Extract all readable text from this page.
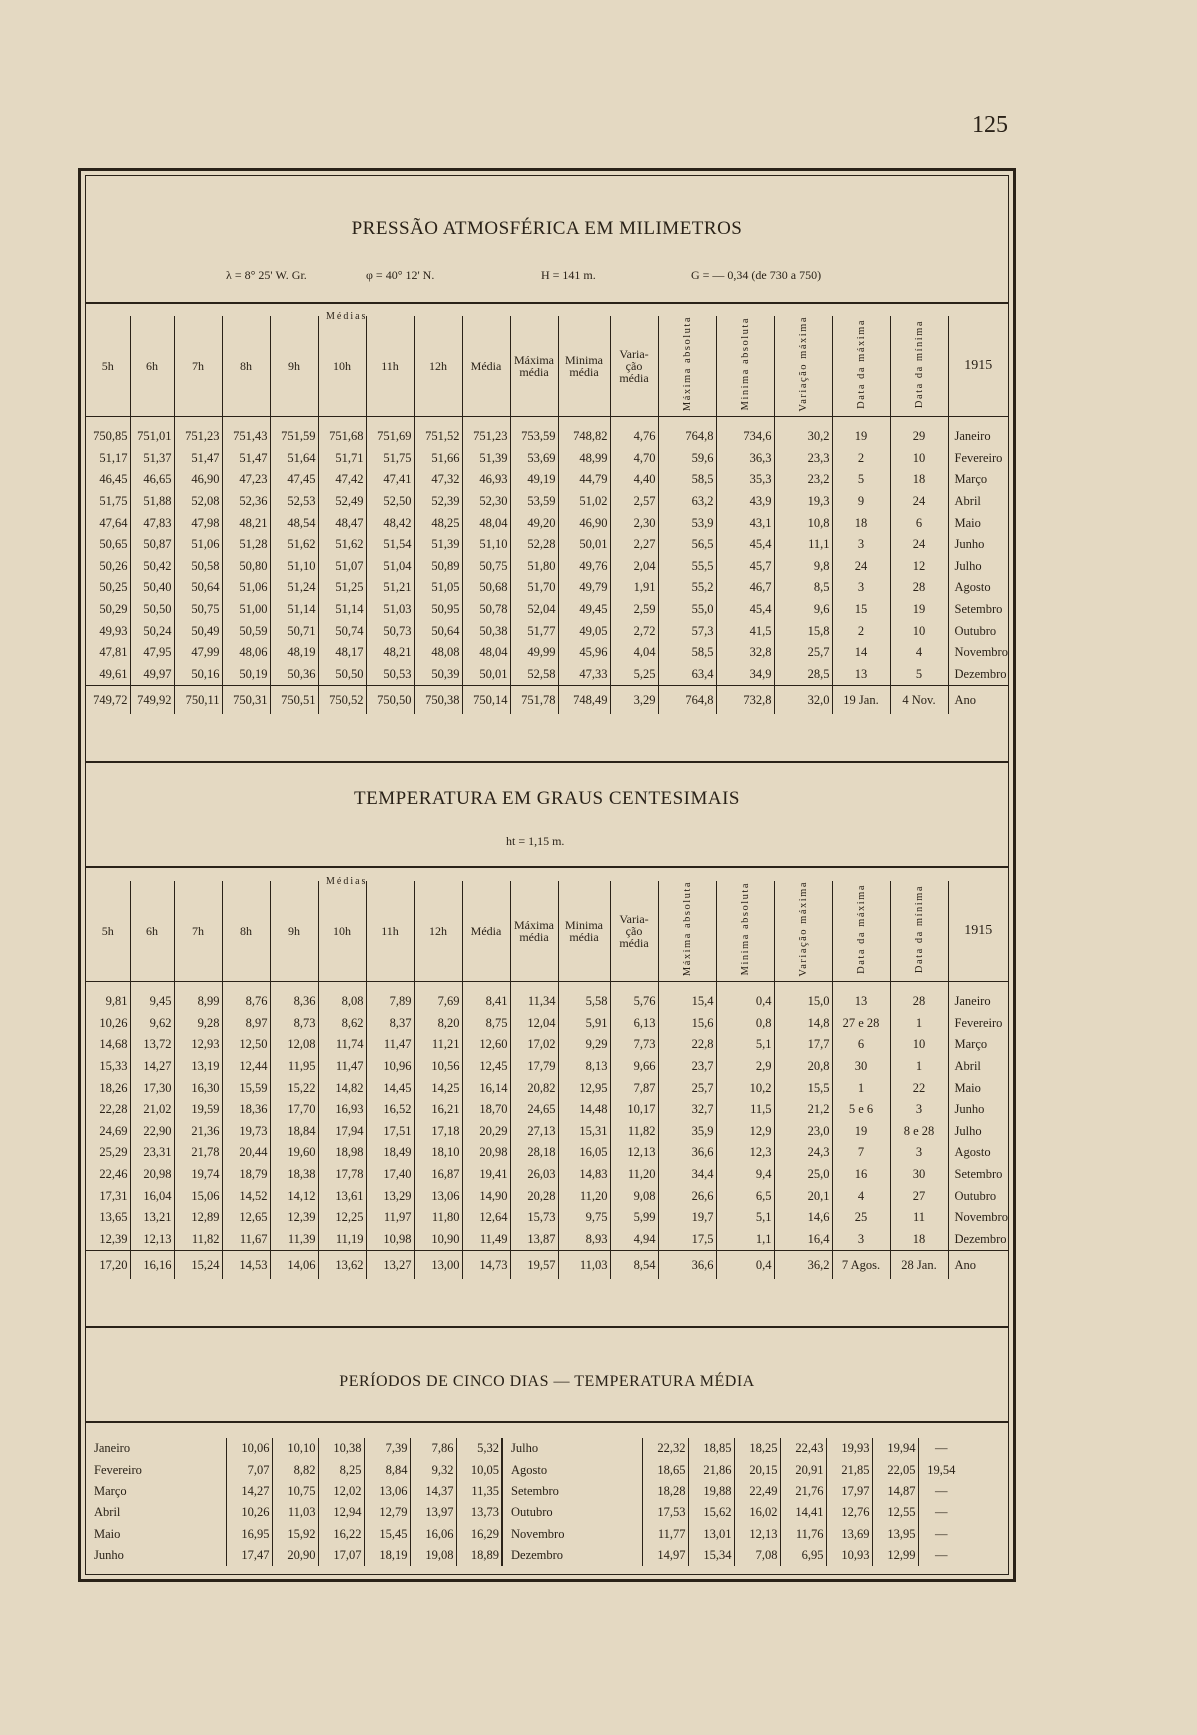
125
PRESSÃO ATMOSFÉRICA EM MILIMETROS
λ = 8° 25' W. Gr.	φ = 40° 12' N.	H = 141 m.	G = — 0,34 (de 730 a 750)
Médias
5h	6h	7h	8h	9h	10h	11h	12h	Média	Máxima média	Minima média	Varia-ção média	Máxima absoluta	Minima absoluta	Variação máxima	Data da máxima	Data da mínima	1915

750,85	751,01	751,23	751,43	751,59	751,68	751,69	751,52	751,23	753,59	748,82	4,76	764,8	734,6	30,2	19	29	Janeiro
51,17	51,37	51,47	51,47	51,64	51,71	51,75	51,66	51,39	53,69	48,99	4,70	59,6	36,3	23,3	2	10	Fevereiro
46,45	46,65	46,90	47,23	47,45	47,42	47,41	47,32	46,93	49,19	44,79	4,40	58,5	35,3	23,2	5	18	Março
51,75	51,88	52,08	52,36	52,53	52,49	52,50	52,39	52,30	53,59	51,02	2,57	63,2	43,9	19,3	9	24	Abril
47,64	47,83	47,98	48,21	48,54	48,47	48,42	48,25	48,04	49,20	46,90	2,30	53,9	43,1	10,8	18	6	Maio
50,65	50,87	51,06	51,28	51,62	51,62	51,54	51,39	51,10	52,28	50,01	2,27	56,5	45,4	11,1	3	24	Junho
50,26	50,42	50,58	50,80	51,10	51,07	51,04	50,89	50,75	51,80	49,76	2,04	55,5	45,7	9,8	24	12	Julho
50,25	50,40	50,64	51,06	51,24	51,25	51,21	51,05	50,68	51,70	49,79	1,91	55,2	46,7	8,5	3	28	Agosto
50,29	50,50	50,75	51,00	51,14	51,14	51,03	50,95	50,78	52,04	49,45	2,59	55,0	45,4	9,6	15	19	Setembro
49,93	50,24	50,49	50,59	50,71	50,74	50,73	50,64	50,38	51,77	49,05	2,72	57,3	41,5	15,8	2	10	Outubro
47,81	47,95	47,99	48,06	48,19	48,17	48,21	48,08	48,04	49,99	45,96	4,04	58,5	32,8	25,7	14	4	Novembro
49,61	49,97	50,16	50,19	50,36	50,50	50,53	50,39	50,01	52,58	47,33	5,25	63,4	34,9	28,5	13	5	Dezembro
749,72	749,92	750,11	750,31	750,51	750,52	750,50	750,38	750,14	751,78	748,49	3,29	764,8	732,8	32,0	19 Jan.	4 Nov.	Ano
TEMPERATURA EM GRAUS CENTESIMAIS
ht = 1,15 m.
Médias
5h	6h	7h	8h	9h	10h	11h	12h	Média	Máxima média	Minima média	Varia-ção média	Máxima absoluta	Minima absoluta	Variação máxima	Data da máxima	Data da mínima	1915

9,81	9,45	8,99	8,76	8,36	8,08	7,89	7,69	8,41	11,34	5,58	5,76	15,4	0,4	15,0	13	28	Janeiro
10,26	9,62	9,28	8,97	8,73	8,62	8,37	8,20	8,75	12,04	5,91	6,13	15,6	0,8	14,8	27 e 28	1	Fevereiro
14,68	13,72	12,93	12,50	12,08	11,74	11,47	11,21	12,60	17,02	9,29	7,73	22,8	5,1	17,7	6	10	Março
15,33	14,27	13,19	12,44	11,95	11,47	10,96	10,56	12,45	17,79	8,13	9,66	23,7	2,9	20,8	30	1	Abril
18,26	17,30	16,30	15,59	15,22	14,82	14,45	14,25	16,14	20,82	12,95	7,87	25,7	10,2	15,5	1	22	Maio
22,28	21,02	19,59	18,36	17,70	16,93	16,52	16,21	18,70	24,65	14,48	10,17	32,7	11,5	21,2	5 e 6	3	Junho
24,69	22,90	21,36	19,73	18,84	17,94	17,51	17,18	20,29	27,13	15,31	11,82	35,9	12,9	23,0	19	8 e 28	Julho
25,29	23,31	21,78	20,44	19,60	18,98	18,49	18,10	20,98	28,18	16,05	12,13	36,6	12,3	24,3	7	3	Agosto
22,46	20,98	19,74	18,79	18,38	17,78	17,40	16,87	19,41	26,03	14,83	11,20	34,4	9,4	25,0	16	30	Setembro
17,31	16,04	15,06	14,52	14,12	13,61	13,29	13,06	14,90	20,28	11,20	9,08	26,6	6,5	20,1	4	27	Outubro
13,65	13,21	12,89	12,65	12,39	12,25	11,97	11,80	12,64	15,73	9,75	5,99	19,7	5,1	14,6	25	11	Novembro
12,39	12,13	11,82	11,67	11,39	11,19	10,98	10,90	11,49	13,87	8,93	4,94	17,5	1,1	16,4	3	18	Dezembro
17,20	16,16	15,24	14,53	14,06	13,62	13,27	13,00	14,73	19,57	11,03	8,54	36,6	0,4	36,2	7 Agos.	28 Jan.	Ano
PERÍODOS DE CINCO DIAS — TEMPERATURA MÉDIA
Janeiro	10,06	10,10	10,38	7,39	7,86	5,32	Julho	22,32	18,85	18,25	22,43	19,93	19,94	—
Fevereiro	7,07	8,82	8,25	8,84	9,32	10,05	Agosto	18,65	21,86	20,15	20,91	21,85	22,05	19,54
Março	14,27	10,75	12,02	13,06	14,37	11,35	Setembro	18,28	19,88	22,49	21,76	17,97	14,87	—
Abril	10,26	11,03	12,94	12,79	13,97	13,73	Outubro	17,53	15,62	16,02	14,41	12,76	12,55	—
Maio	16,95	15,92	16,22	15,45	16,06	16,29	Novembro	11,77	13,01	12,13	11,76	13,69	13,95	—
Junho	17,47	20,90	17,07	18,19	19,08	18,89	Dezembro	14,97	15,34	7,08	6,95	10,93	12,99	—
